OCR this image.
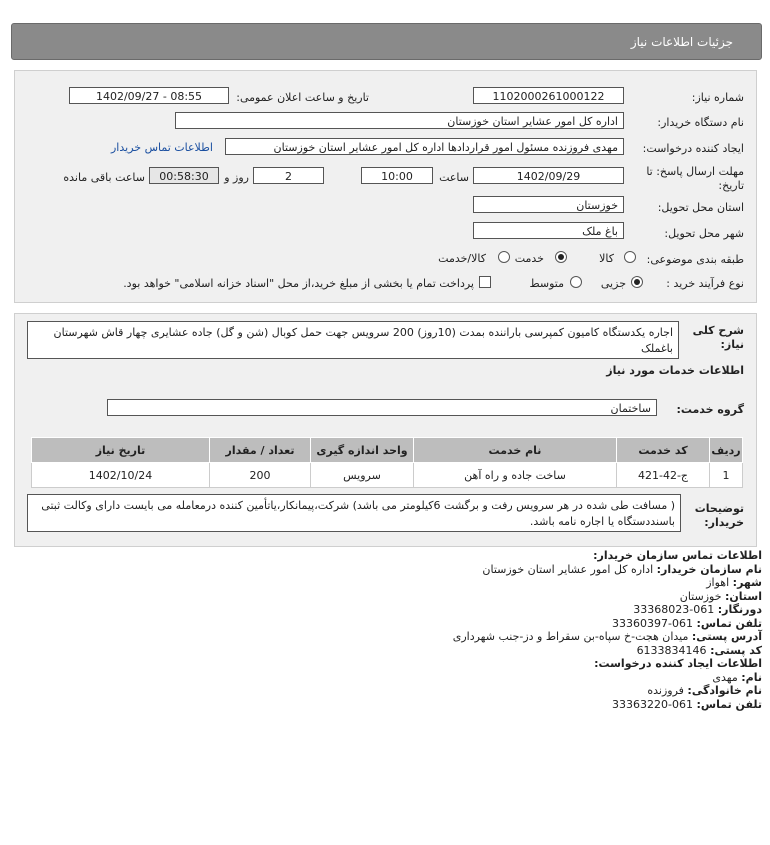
جزئیات اطلاعات نیاز
شماره نیاز:
1102000261000122
تاریخ و ساعت اعلان عمومی:
1402/09/27 - 08:55
نام دستگاه خریدار:
اداره کل امور عشایر استان خوزستان
ایجاد کننده درخواست:
مهدی فروزنده مسئول امور قراردادها اداره کل امور عشایر استان خوزستان
اطلاعات تماس خریدار
مهلت ارسال پاسخ: تا
تاریخ:
1402/09/29
ساعت
10:00
2
روز و
00:58:30
ساعت باقی مانده
استان محل تحویل:
خوزستان
شهر محل تحویل:
باغ ملک
طبقه بندی موضوعی:
کالا
خدمت
کالا/خدمت
نوع فرآیند خرید :
جزیی
متوسط
پرداخت تمام یا بخشی از مبلغ خرید،از محل "اسناد خزانه اسلامی" خواهد بود.
شرح کلی
نیاز:
اجاره یکدستگاه کامیون کمپرسی باراننده بمدت (10روز) 200 سرویس جهت حمل کوبال (شن و گل) جاده عشایری چهار قاش شهرستان باغملک
اطلاعات خدمات مورد نیاز
گروه خدمت:
ساختمان
ردیف	کد خدمت	نام خدمت	واحد اندازه گیری	تعداد / مقدار	تاریخ نیاز
1	ج-42-421	ساخت جاده و راه آهن	سرویس	200	1402/10/24
توضیحات
خریدار:
( مسافت طی شده در هر سرویس رفت و برگشت 6کیلومتر می باشد) شرکت،پیمانکار،یاتأمین کننده درمعامله می بایست دارای وکالت ثبتی باسنددستگاه یا اجاره نامه باشد.
اطلاعات تماس سازمان خریدار:
نام سازمان خریدار: اداره کل امور عشایر استان خوزستان
شهر: اهواز
استان: خوزستان
دورنگار: 061-33368023
تلفن تماس: 061-33360397
آدرس پستی: میدان هجت-خ سپاه-بن سقراط و دز-جنب شهرداری
کد پستی: 6133834146
اطلاعات ایجاد کننده درخواست:
نام: مهدی
نام خانوادگی: فروزنده
تلفن تماس: 061-33363220
